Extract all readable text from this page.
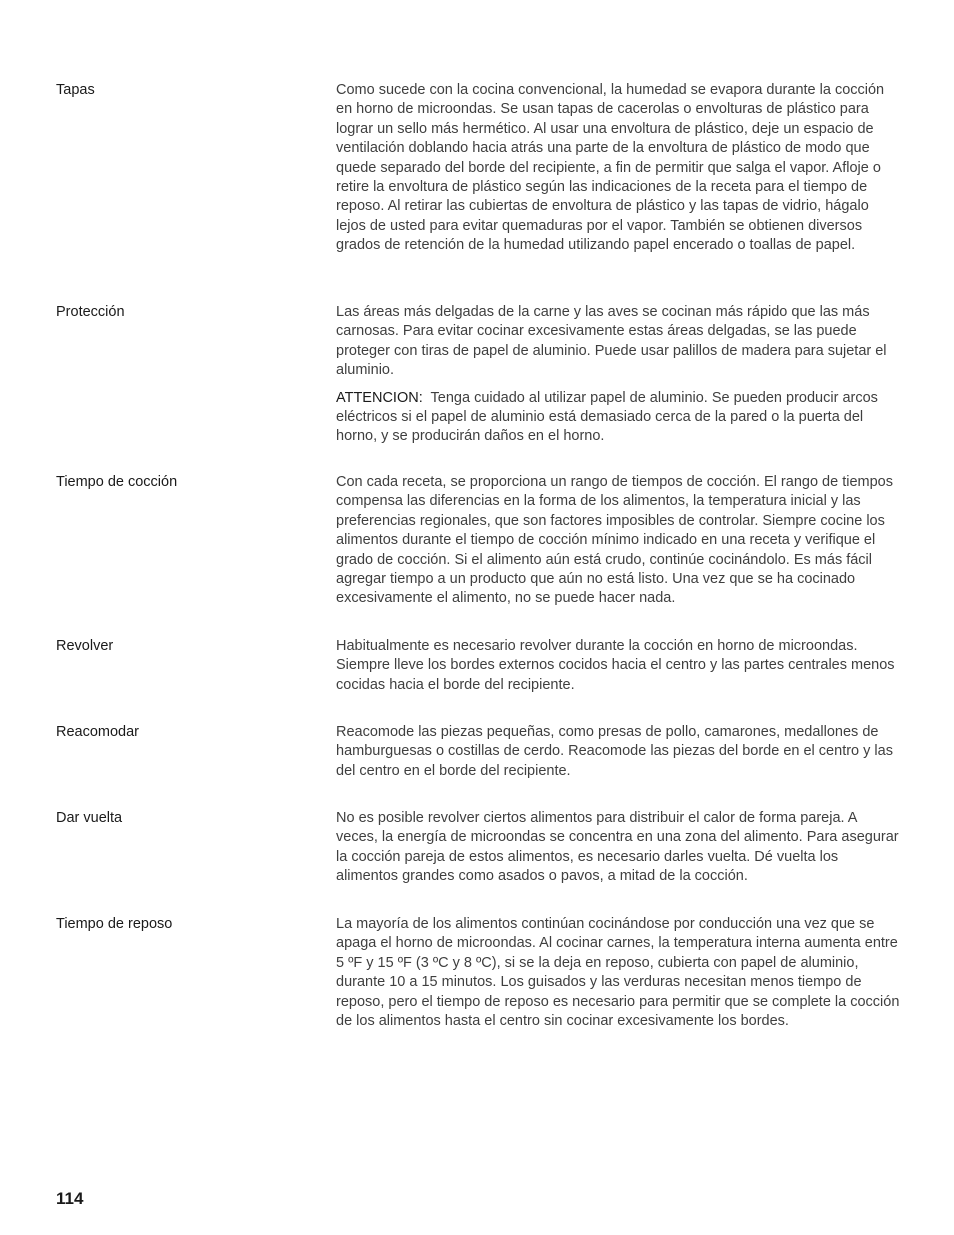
Tapas	Como sucede con la cocina convencional, la humedad se evapora durante la cocción en horno de microondas. Se usan tapas de cacerolas o envolturas de plástico para lograr un sello más hermético. Al usar una envoltura de plástico, deje un espacio de ventilación doblando hacia atrás una parte de la envoltura de plástico de modo que quede separado del borde del recipiente, a fin de permitir que salga el vapor. Afloje o retire la envoltura de plástico según las indicaciones de la receta para el tiempo de reposo. Al retirar las cubiertas de envoltura de plástico y las tapas de vidrio, hágalo lejos de usted para evitar quemaduras por el vapor. También se obtienen diversos grados de retención de la humedad utilizando papel encerado o toallas de papel.

Protección	Las áreas más delgadas de la carne y las aves se cocinan más rápido que las más carnosas. Para evitar cocinar excesivamente estas áreas delgadas, se las puede proteger con tiras de papel de aluminio. Puede usar palillos de madera para sujetar el aluminio.

ATTENCION: Tenga cuidado al utilizar papel de aluminio. Se pueden producir arcos eléctricos si el papel de aluminio está demasiado cerca de la pared o la puerta del horno, y se producirán daños en el horno.

Tiempo de cocción	Con cada receta, se proporciona un rango de tiempos de cocción. El rango de tiempos compensa las diferencias en la forma de los alimentos, la temperatura inicial y las preferencias regionales, que son factores imposibles de controlar. Siempre cocine los alimentos durante el tiempo de cocción mínimo indicado en una receta y verifique el grado de cocción. Si el alimento aún está crudo, continúe cocinándolo. Es más fácil agregar tiempo a un producto que aún no está listo. Una vez que se ha cocinado excesivamente el alimento, no se puede hacer nada.

Revolver	Habitualmente es necesario revolver durante la cocción en horno de microondas. Siempre lleve los bordes externos cocidos hacia el centro y las partes centrales menos cocidas hacia el borde del recipiente.

Reacomodar	Reacomode las piezas pequeñas, como presas de pollo, camarones, medallones de hamburguesas o costillas de cerdo. Reacomode las piezas del borde en el centro y las del centro en el borde del recipiente.

Dar vuelta	No es posible revolver ciertos alimentos para distribuir el calor de forma pareja. A veces, la energía de microondas se concentra en una zona del alimento. Para asegurar la cocción pareja de estos alimentos, es necesario darles vuelta. Dé vuelta los alimentos grandes como asados o pavos, a mitad de la cocción.

Tiempo de reposo	La mayoría de los alimentos continúan cocinándose por conducción una vez que se apaga el horno de microondas. Al cocinar carnes, la temperatura interna aumenta entre 5 ºF y 15 ºF (3 ºC y 8 ºC), si se la deja en reposo, cubierta con papel de aluminio, durante 10 a 15 minutos. Los guisados y las verduras necesitan menos tiempo de reposo, pero el tiempo de reposo es necesario para permitir que se complete la cocción de los alimentos hasta el centro sin cocinar excesivamente los bordes.

114
